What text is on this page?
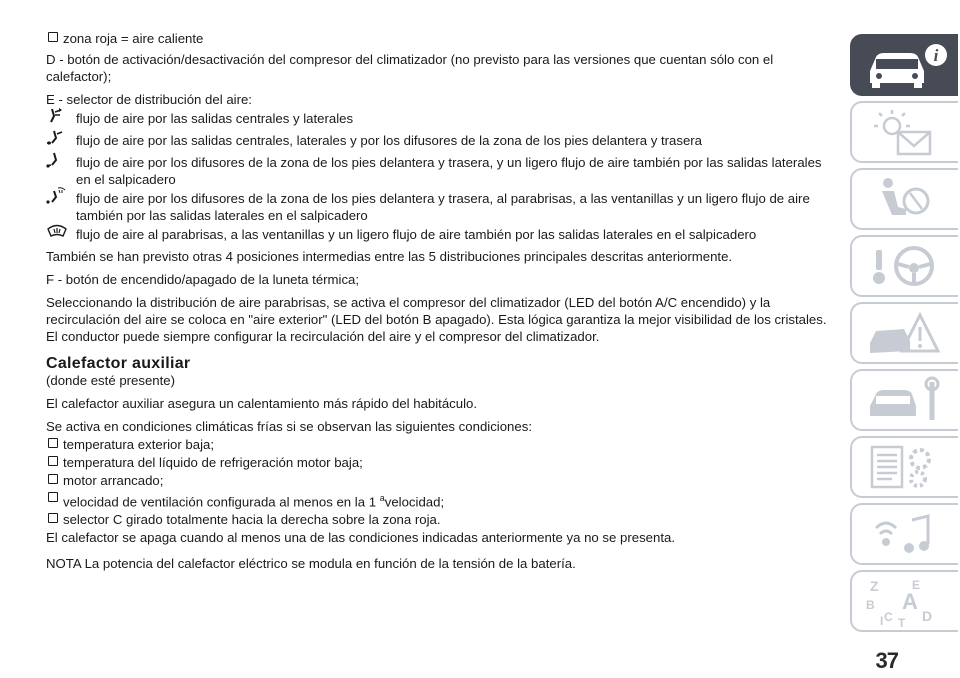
zona roja = aire caliente
D - botón de activación/desactivación del compresor del climatizador (no previsto para las versiones que cuentan sólo con el calefactor);
E - selector de distribución del aire:
flujo de aire por las salidas centrales y laterales
flujo de aire por las salidas centrales, laterales y por los difusores de la zona de los pies delantera y trasera
flujo de aire por los difusores de la zona de los pies delantera y trasera, y un ligero flujo de aire también por las salidas laterales en el salpicadero
flujo de aire por los difusores de la zona de los pies delantera y trasera, al parabrisas, a las ventanillas y un ligero flujo de aire también por las salidas laterales en el salpicadero
flujo de aire al parabrisas, a las ventanillas y un ligero flujo de aire también por las salidas laterales en el salpicadero
También se han previsto otras 4 posiciones intermedias entre las 5 distribuciones principales descritas anteriormente.
F - botón de encendido/apagado de la luneta térmica;
Seleccionando la distribución de aire parabrisas, se activa el compresor del climatizador (LED del botón A/C encendido) y la recirculación del aire se coloca en "aire exterior" (LED del botón B apagado). Esta lógica garantiza la mejor visibilidad de los cristales. El conductor puede siempre configurar la recirculación del aire y el compresor del climatizador.
Calefactor auxiliar
(donde esté presente)
El calefactor auxiliar asegura un calentamiento más rápido del habitáculo.
Se activa en condiciones climáticas frías si se observan las siguientes condiciones:
temperatura exterior baja;
temperatura del líquido de refrigeración motor baja;
motor arrancado;
velocidad de ventilación configurada al menos en la 1 $^a$velocidad;
selector C girado totalmente hacia la derecha sobre la zona roja.
El calefactor se apaga cuando al menos una de las condiciones indicadas anteriormente ya no se presenta.
NOTA La potencia del calefactor eléctrico se modula en función de la tensión de la batería.
i
Z	E
B A
C D
T
I
37
